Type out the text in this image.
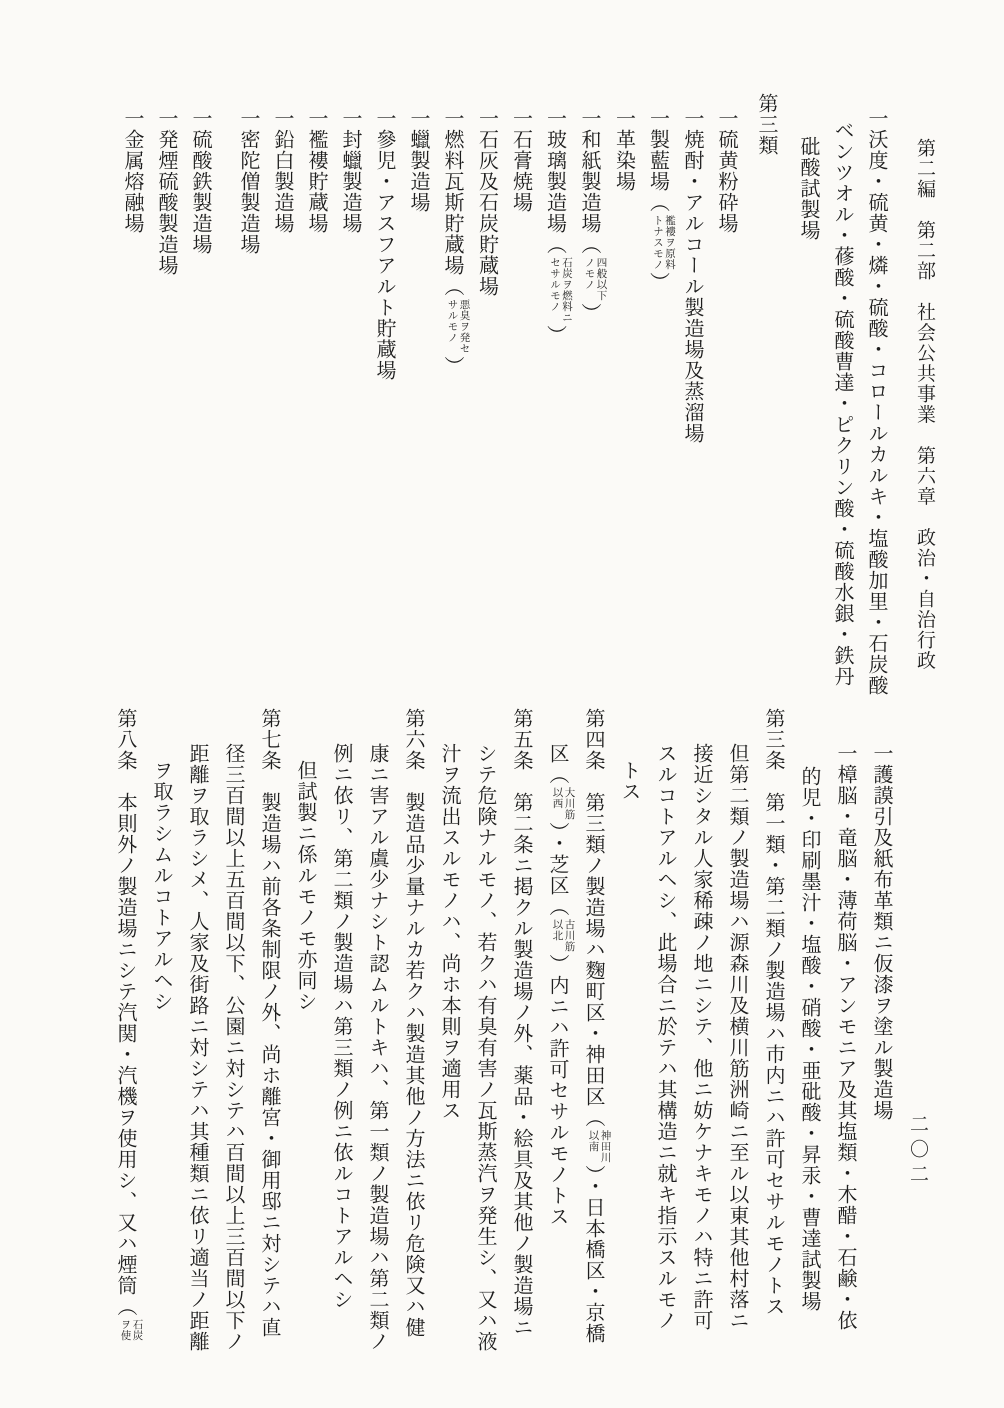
第二編　第二部　社会公共事業　第六章　政治・自治行政
一沃度・硫黄・燐・硫酸・コロールカルキ・塩酸加里・石炭酸
ベンツオル・蓚酸・硫酸曹達・ピクリン酸・硫酸水銀・鉄丹
砒酸試製場
第三類
一硫黄粉砕場
一焼酎・アルコール製造場及蒸溜場
一製藍場（
襤褸ヲ原料
トナスモノ
）
一革染場
一和紙製造場（
四般以下
ノモノ
）
一玻璃製造場（
石炭ヲ燃料ニ
セサルモノ
）
一石膏焼場
一石灰及石炭貯蔵場
一燃料瓦斯貯蔵場（
悪臭ヲ発セ
サルモノ
）
一蠟製造場
一參児・アスフアルト貯蔵場
一封蠟製造場
一襤褸貯蔵場
一鉛白製造場
一密陀僧製造場
一硫酸鉄製造場
一発煙硫酸製造場
一金属熔融場
一護謨引及紙布革類ニ仮漆ヲ塗ル製造場
一樟脳・竜脳・薄荷脳・アンモニア及其塩類・木醋・石鹸・依
的児・印刷墨汁・塩酸・硝酸・亜砒酸・昇汞・曹達試製場
第三条　第一類・第二類ノ製造場ハ市内ニハ許可セサルモノトス
但第二類ノ製造場ハ源森川及横川筋洲崎ニ至ル以東其他村落ニ
接近シタル人家稀疎ノ地ニシテ、他ニ妨ケナキモノハ特ニ許可
スルコトアルヘシ、此場合ニ於テハ其構造ニ就キ指示スルモノ
トス
第四条　第三類ノ製造場ハ麴町区・神田区（
神田川
以南
）・日本橋区・京橋
区（
大川筋
以西
）・芝区（
古川筋
以北
）内ニハ許可セサルモノトス
第五条　第二条ニ掲クル製造場ノ外、薬品・絵具及其他ノ製造場ニ
シテ危険ナルモノ、若クハ有臭有害ノ瓦斯蒸汽ヲ発生シ、又ハ液
汁ヲ流出スルモノハ、尚ホ本則ヲ適用ス
第六条　製造品少量ナルカ若クハ製造其他ノ方法ニ依リ危険又ハ健
康ニ害アル虞少ナシト認ムルトキハ、第一類ノ製造場ハ第二類ノ
例ニ依リ、第二類ノ製造場ハ第三類ノ例ニ依ルコトアルヘシ
但試製ニ係ルモノモ亦同シ
第七条　製造場ハ前各条制限ノ外、尚ホ離宮・御用邸ニ対シテハ直
径三百間以上五百間以下、公園ニ対シテハ百間以上三百間以下ノ
距離ヲ取ラシメ、人家及街路ニ対シテハ其種類ニ依リ適当ノ距離
ヲ取ラシムルコトアルヘシ
第八条　本則外ノ製造場ニシテ汽関・汽機ヲ使用シ、又ハ煙筒（
石炭
ヲ使
二〇二
